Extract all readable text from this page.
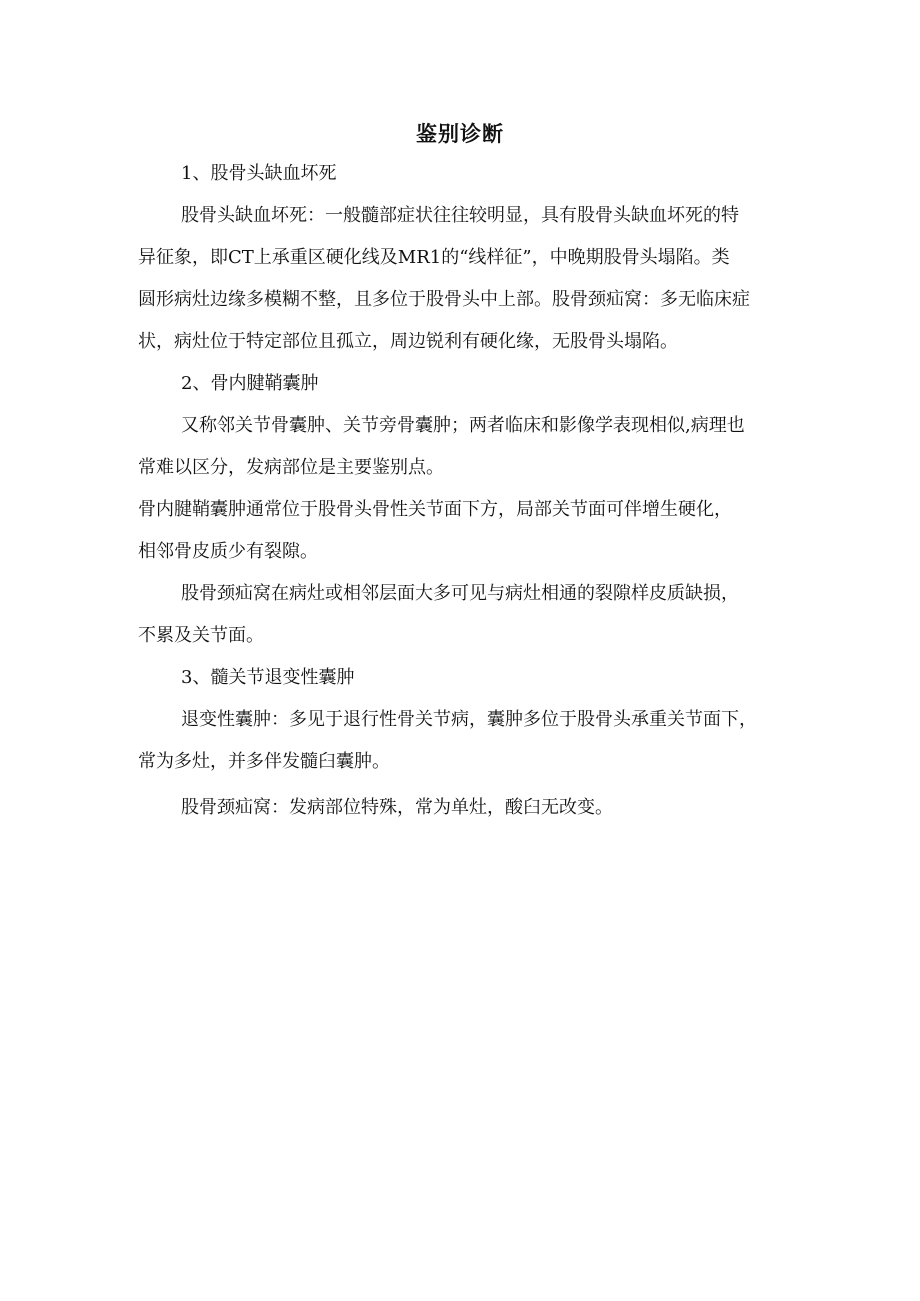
鉴别诊断

1、股骨头缺血坏死

股骨头缺血坏死：一般髓部症状往往较明显，具有股骨头缺血坏死的特

异征象，即CT上承重区硬化线及MR1的“线样征”，中晚期股骨头塌陷。类

圆形病灶边缘多模糊不整，且多位于股骨头中上部。股骨颈疝窝：多无临床症

状，病灶位于特定部位且孤立，周边锐利有硬化缘，无股骨头塌陷。

2、骨内腱鞘囊肿

又称邻关节骨囊肿、关节旁骨囊肿；两者临床和影像学表现相似,病理也

常难以区分，发病部位是主要鉴别点。

骨内腱鞘囊肿通常位于股骨头骨性关节面下方，局部关节面可伴增生硬化，

相邻骨皮质少有裂隙。

股骨颈疝窝在病灶或相邻层面大多可见与病灶相通的裂隙样皮质缺损，

不累及关节面。

3、髓关节退变性囊肿

退变性囊肿：多见于退行性骨关节病，囊肿多位于股骨头承重关节面下，

常为多灶，并多伴发髓臼囊肿。

股骨颈疝窝：发病部位特殊，常为单灶，酸臼无改变。
